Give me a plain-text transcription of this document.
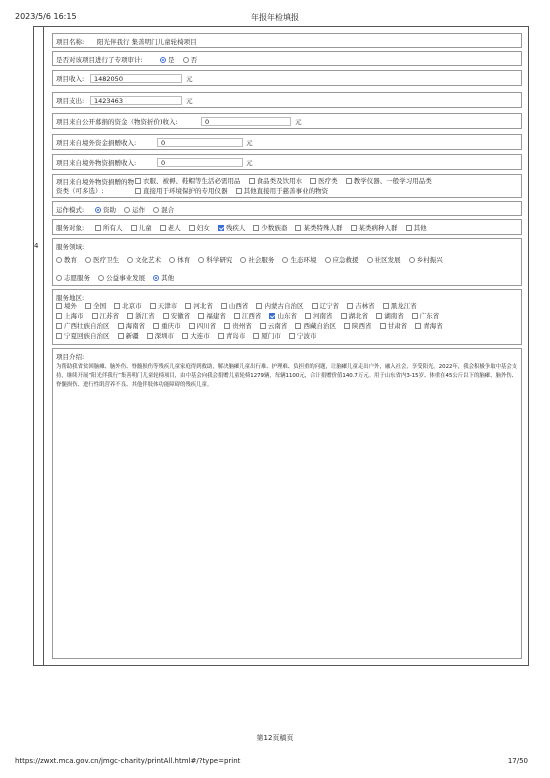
2023/5/6 16:15	年报年检填报
4
项目名称: 阳光伴我行 集善明门儿童轮椅项目
是否对该项目进行了专项审计:	是 否
项目收入:	1482050	元
项目支出:	1423463	元
项目来自公开募捐的资金（物资折价)收入:	0	元
项目来自境外资金捐赠收入:	0	元
项目来自境外物资捐赠收入:	0	元
项目来自境外物资捐赠的物资类（可多选）:
衣服、被褥、鞋帽等生活必需用品 食品类及饮用水 医疗类 教学仪器、一般学习用品类
直接用于环境保护的专用仪器 其他直接用于慈善事业的物资
运作模式:	资助 运作 混合
服务对象:	所有人 儿童 老人 妇女 残疾人 少数族裔 某类特殊人群 某类病种人群 其他
服务领域:
教育 医疗卫生 文化艺术 体育 科学研究 社会服务 生态环境 应急救援 社区发展 乡村振兴
志愿服务 公益事业发展 其他
服务地区:
境外 全国 北京市 天津市 河北省 山西省 内蒙古自治区 辽宁省 吉林省 黑龙江省
上海市 江苏省 浙江省 安徽省 福建省 江西省 山东省 河南省 湖北省 湖南省 广东省
广西壮族自治区 海南省 重庆市 四川省 贵州省 云南省 西藏自治区 陕西省 甘肃省 青海省
宁夏回族自治区 新疆 深圳市 大连市 青岛市 厦门市 宁波市
项目介绍:
为帮助我省贫困脑瘫、脑外伤、脊髓损伤等残疾儿童家庭得到救助，解决脑瘫儿童出行难、护理难、负担重的问题，让脑瘫儿童走出户外，融入社会，享受阳光。2022年，我会积极争取中基会支持，继续开展“阳光伴我行”集善明门儿童轮椅项目，由中基会向我会捐赠儿童轮椅1279辆，每辆1100元，合计捐赠价值140.7万元。用于山东省内3-15岁、体重在45公斤以下的脑瘫、脑外伤、脊髓损伤、进行性肌营养不良、其他伴肢体功能障碍的残疾儿童。
第12页稿页
https://zwxt.mca.gov.cn/jmgc-charity/printAll.html#/?type=print	17/50
